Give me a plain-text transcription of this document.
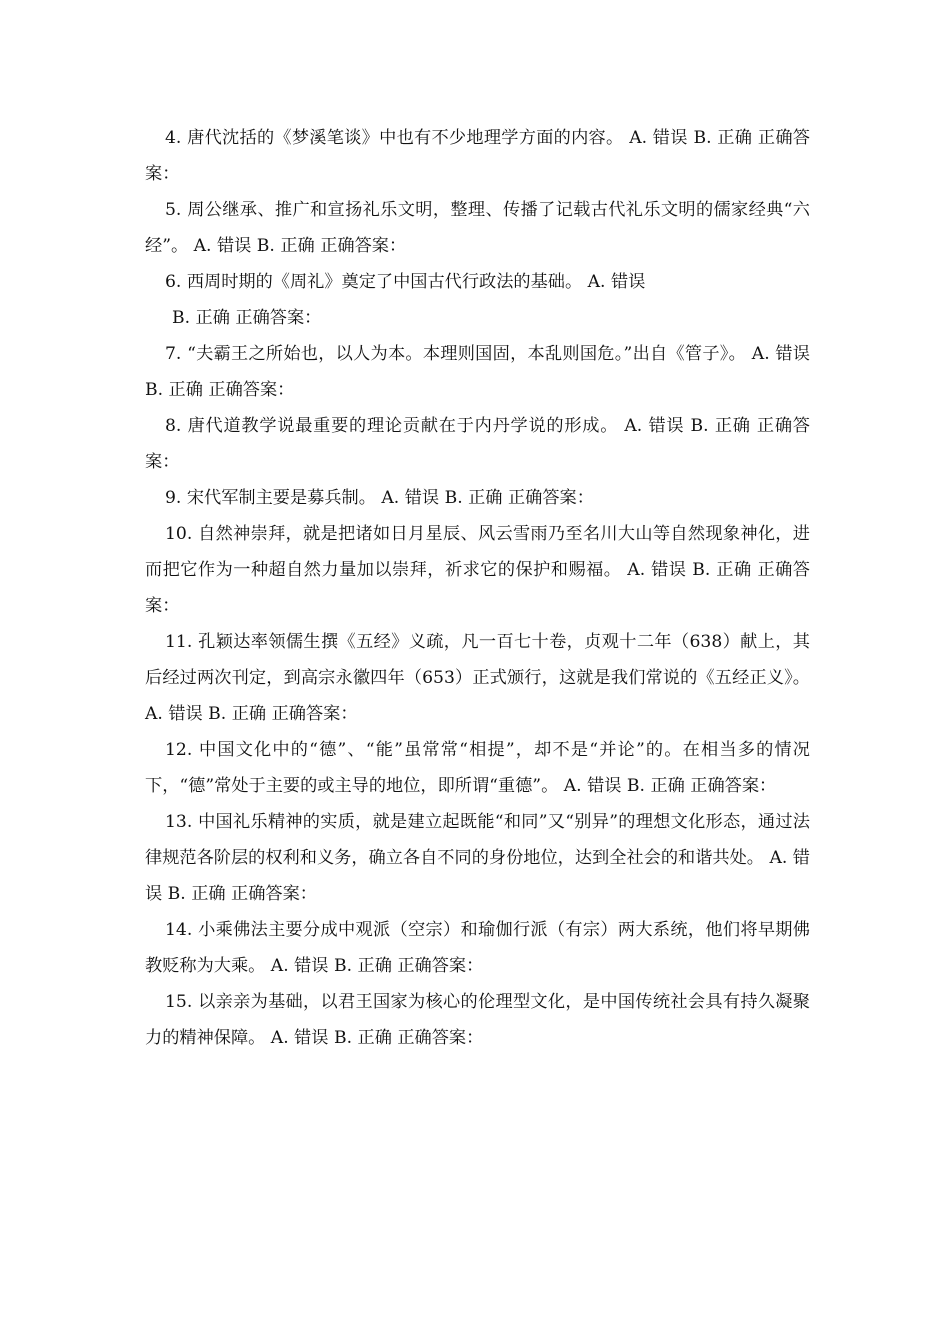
4. 唐代沈括的《梦溪笔谈》中也有不少地理学方面的内容。 A. 错误 B. 正确 正确答案：

5. 周公继承、推广和宣扬礼乐文明，整理、传播了记载古代礼乐文明的儒家经典“六经”。 A. 错误 B. 正确 正确答案：

6. 西周时期的《周礼》奠定了中国古代行政法的基础。 A. 错误
B. 正确 正确答案：

7. “夫霸王之所始也，以人为本。本理则国固，本乱则国危。”出自《管子》。 A. 错误 B. 正确 正确答案：

8. 唐代道教学说最重要的理论贡献在于内丹学说的形成。 A. 错误 B. 正确 正确答案：

9. 宋代军制主要是募兵制。 A. 错误 B. 正确 正确答案：

10. 自然神崇拜，就是把诸如日月星辰、风云雪雨乃至名川大山等自然现象神化，进而把它作为一种超自然力量加以崇拜，祈求它的保护和赐福。 A. 错误 B. 正确 正确答案：

11. 孔颖达率领儒生撰《五经》义疏，凡一百七十卷，贞观十二年（638）献上，其后经过两次刊定，到高宗永徽四年（653）正式颁行，这就是我们常说的《五经正义》。 A. 错误 B. 正确 正确答案：

12. 中国文化中的“德”、“能”虽常常“相提”，却不是“并论”的。在相当多的情况下，“德”常处于主要的或主导的地位，即所谓“重德”。 A. 错误 B. 正确 正确答案：

13. 中国礼乐精神的实质，就是建立起既能“和同”又“别异”的理想文化形态，通过法律规范各阶层的权利和义务，确立各自不同的身份地位，达到全社会的和谐共处。 A. 错误 B. 正确 正确答案：

14. 小乘佛法主要分成中观派（空宗）和瑜伽行派（有宗）两大系统，他们将早期佛教贬称为大乘。 A. 错误 B. 正确 正确答案：

15. 以亲亲为基础，以君王国家为核心的伦理型文化，是中国传统社会具有持久凝聚力的精神保障。 A. 错误 B. 正确 正确答案：
